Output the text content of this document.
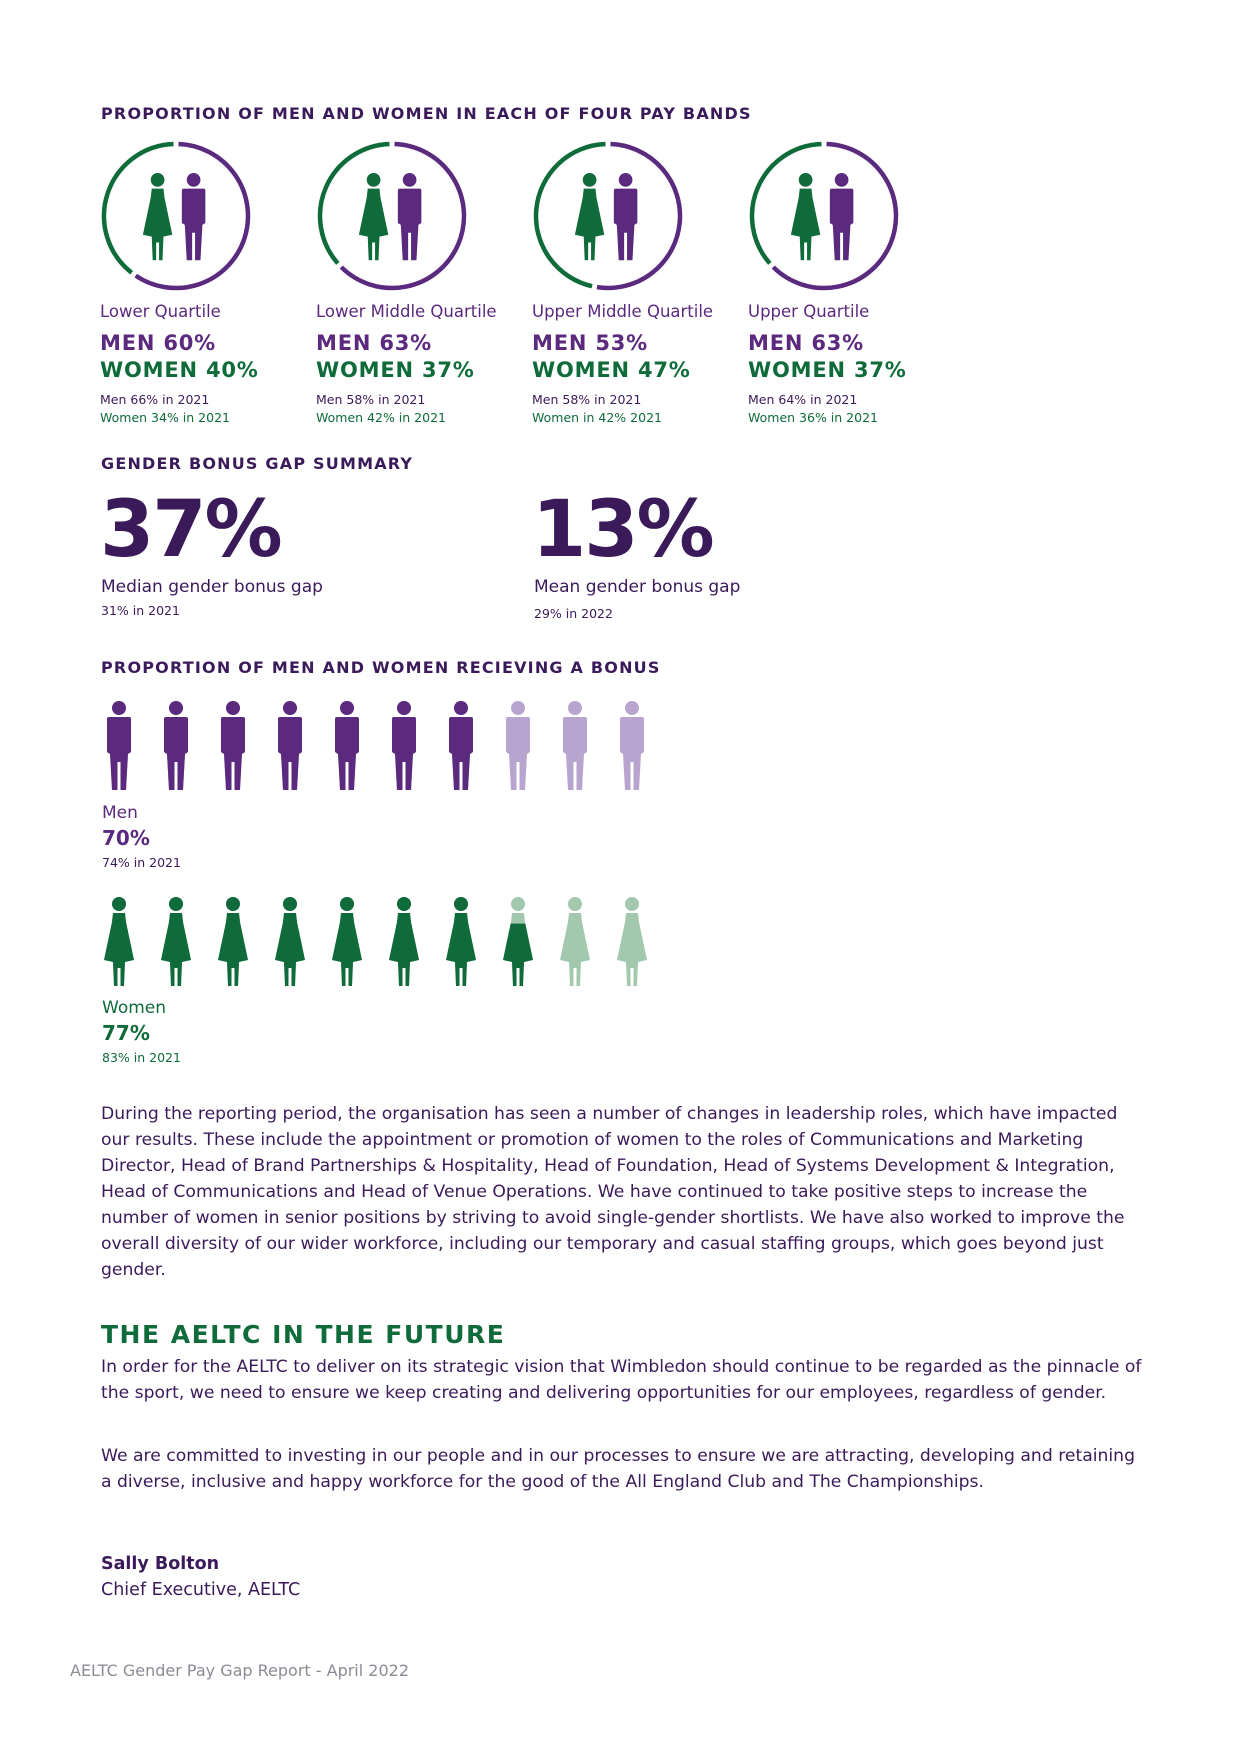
PROPORTION OF MEN AND WOMEN IN EACH OF FOUR PAY BANDS
Lower Quartile
MEN 60%
WOMEN 40%
Men 66% in 2021
Women 34% in 2021
Lower Middle Quartile
MEN 63%
WOMEN 37%
Men 58% in 2021
Women 42% in 2021
Upper Middle Quartile
MEN 53%
WOMEN 47%
Men 58% in 2021
Women in 42% 2021
Upper Quartile
MEN 63%
WOMEN 37%
Men 64% in 2021
Women 36% in 2021
GENDER BONUS GAP SUMMARY
37%
Median gender bonus gap
31% in 2021
13%
Mean gender bonus gap
29% in 2022
PROPORTION OF MEN AND WOMEN RECIEVING A BONUS
Men
70%
74% in 2021
Women
77%
83% in 2021

During the reporting period, the organisation has seen a number of changes in leadership roles, which have impacted our results. These include the appointment or promotion of women to the roles of Communications and Marketing Director, Head of Brand Partnerships & Hospitality, Head of Foundation, Head of Systems Development & Integration, Head of Communications and Head of Venue Operations. We have continued to take positive steps to increase the number of women in senior positions by striving to avoid single-gender shortlists. We have also worked to improve the overall diversity of our wider workforce, including our temporary and casual staffing groups, which goes beyond just gender.

THE AELTC IN THE FUTURE

In order for the AELTC to deliver on its strategic vision that Wimbledon should continue to be regarded as the pinnacle of the sport, we need to ensure we keep creating and delivering opportunities for our employees, regardless of gender.

We are committed to investing in our people and in our processes to ensure we are attracting, developing and retaining a diverse, inclusive and happy workforce for the good of the All England Club and The Championships.

Sally Bolton
Chief Executive, AELTC
AELTC Gender Pay Gap Report - April 2022
